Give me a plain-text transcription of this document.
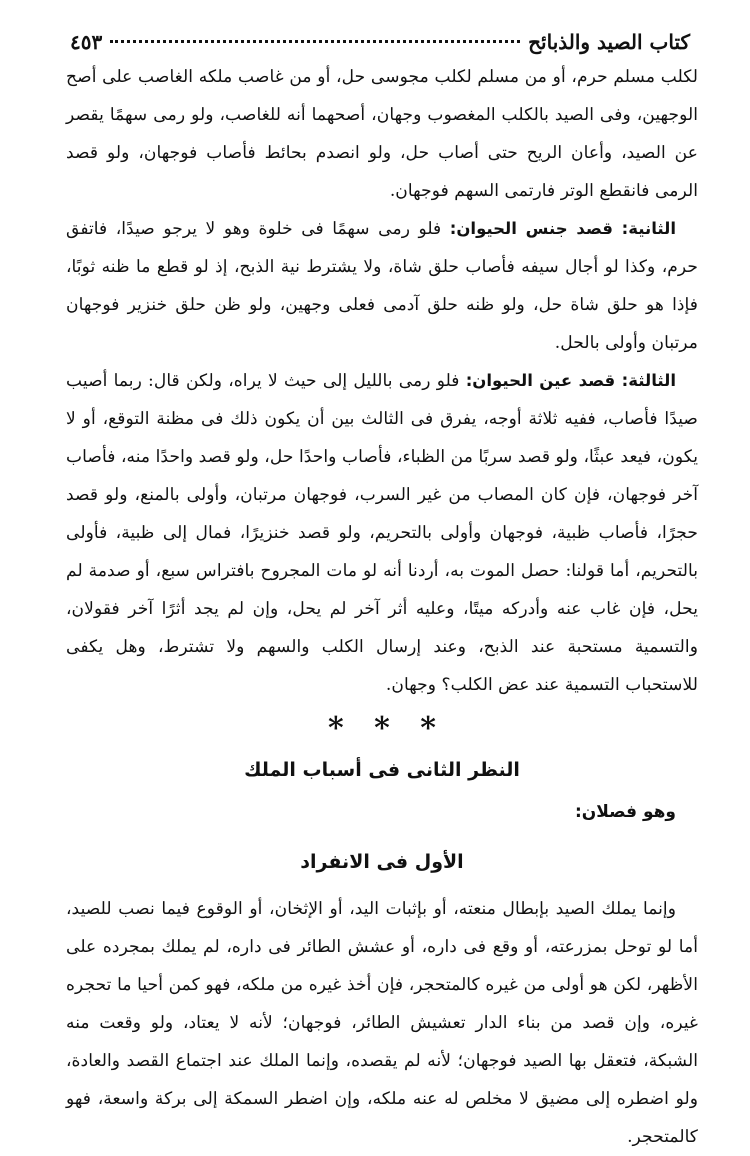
كتاب الصيد والذبائح
٤٥٣

لكلب مسلم حرم، أو من مسلم لكلب مجوسى حل، أو من غاصب ملكه الغاصب على أصح الوجهين، وفى الصيد بالكلب المغصوب وجهان، أصحهما أنه للغاصب، ولو رمى سهمًا يقصر عن الصيد، وأعان الريح حتى أصاب حل، ولو انصدم بحائط فأصاب فوجهان، ولو قصد الرمى فانقطع الوتر فارتمى السهم فوجهان.

الثانية: قصد جنس الحيوان: فلو رمى سهمًا فى خلوة وهو لا يرجو صيدًا، فاتفق حرم، وكذا لو أجال سيفه فأصاب حلق شاة، ولا يشترط نية الذبح، إذ لو قطع ما ظنه ثوبًا، فإذا هو حلق شاة حل، ولو ظنه حلق آدمى فعلى وجهين، ولو ظن حلق خنزير فوجهان مرتبان وأولى بالحل.

الثالثة: قصد عين الحيوان: فلو رمى بالليل إلى حيث لا يراه، ولكن قال: ربما أصيب صيدًا فأصاب، ففيه ثلاثة أوجه، يفرق فى الثالث بين أن يكون ذلك فى مظنة التوقع، أو لا يكون، فيعد عبثًا، ولو قصد سربًا من الظباء، فأصاب واحدًا حل، ولو قصد واحدًا منه، فأصاب آخر فوجهان، فإن كان المصاب من غير السرب، فوجهان مرتبان، وأولى بالمنع، ولو قصد حجرًا، فأصاب ظبية، فوجهان وأولى بالتحريم، ولو قصد خنزيرًا، فمال إلى ظبية، فأولى بالتحريم، أما قولنا: حصل الموت به، أردنا أنه لو مات المجروح بافتراس سبع، أو صدمة لم يحل، فإن غاب عنه وأدركه ميتًا، وعليه أثر آخر لم يحل، وإن لم يجد أثرًا آخر فقولان، والتسمية مستحبة عند الذبح، وعند إرسال الكلب والسهم ولا تشترط، وهل يكفى للاستحباب التسمية عند عض الكلب؟ وجهان.

* * *
النظر الثانى فى أسباب الملك
وهو فصلان:
الأول فى الانفراد

وإنما يملك الصيد بإبطال منعته، أو بإثبات اليد، أو الإثخان، أو الوقوع فيما نصب للصيد، أما لو توحل بمزرعته، أو وقع فى داره، أو عشش الطائر فى داره، لم يملك بمجرده على الأظهر، لكن هو أولى من غيره كالمتحجر، فإن أخذ غيره من ملكه، فهو كمن أحيا ما تحجره غيره، وإن قصد من بناء الدار تعشيش الطائر، فوجهان؛ لأنه لا يعتاد، ولو وقعت منه الشبكة، فتعقل بها الصيد فوجهان؛ لأنه لم يقصده، وإنما الملك عند اجتماع القصد والعادة، ولو اضطره إلى مضيق لا مخلص له عنه ملكه، وإن اضطر السمكة إلى بركة واسعة، فهو كالمتحجر.
